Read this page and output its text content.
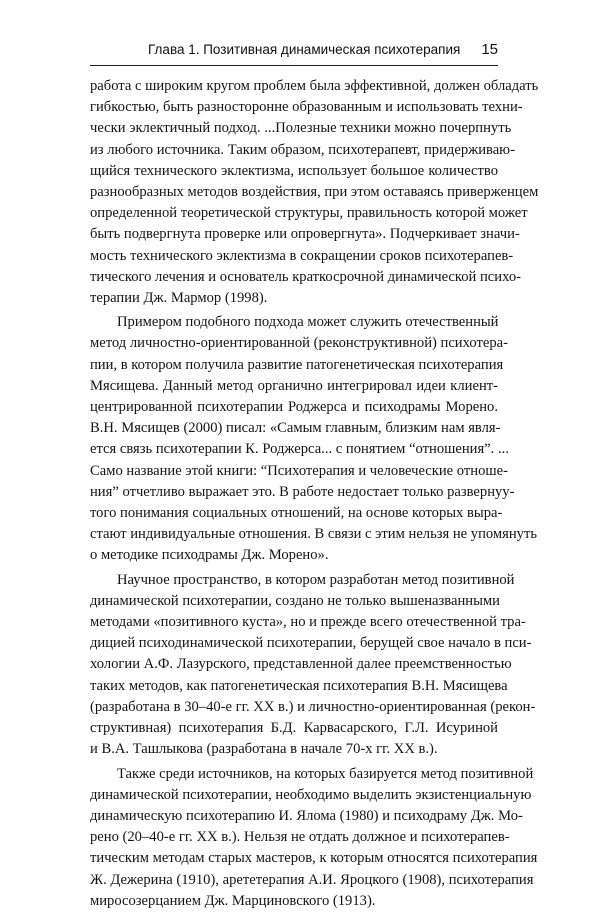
Глава 1. Позитивная динамическая психотерапия 15
работа с широким кругом проблем была эффективной, должен обладать
гибкостью, быть разносторонне образованным и использовать техни-
чески эклектичный подход. ...Полезные техники можно почерпнуть
из любого источника. Таким образом, психотерапевт, придерживаю-
щийся технического эклектизма, использует большое количество
разнообразных методов воздействия, при этом оставаясь приверженцем
определенной теоретической структуры, правильность которой может
быть подвергнута проверке или опровергнута». Подчеркивает значи-
мость технического эклектизма в сокращении сроков психотерапев-
тического лечения и основатель краткосрочной динамической психо-
терапии Дж. Мармор (1998).
Примером подобного подхода может служить отечественный
метод личностно-ориентированной (реконструктивной) психотера-
пии, в котором получила развитие патогенетическая психотерапия
Мясищева. Данный метод органично интегрировал идеи клиент-
центрированной психотерапии Роджерса и психодрамы Морено.
В.Н. Мясищев (2000) писал: «Самым главным, близким нам явля-
ется связь психотерапии К. Роджерса... с понятием “отношения”. ...
Само название этой книги: “Психотерапия и человеческие отноше-
ния” отчетливо выражает это. В работе недостает только развернуу-
того понимания социальных отношений, на основе которых выра-
стают индивидуальные отношения. В связи с этим нельзя не упомянуть
о методике психодрамы Дж. Морено».
Научное пространство, в котором разработан метод позитивной
динамической психотерапии, создано не только вышеназванными
методами «позитивного куста», но и прежде всего отечественной тра-
дицией психодинамической психотерапии, берущей свое начало в пси-
хологии А.Ф. Лазурского, представленной далее преемственностью
таких методов, как патогенетическая психотерапия В.Н. Мясищева
(разработана в 30–40-е гг. XX в.) и личностно-ориентированная (рекон-
структивная) психотерапия Б.Д. Карвасарского, Г.Л. Исуриной
и В.А. Ташлыкова (разработана в начале 70-х гг. XX в.).
Также среди источников, на которых базируется метод позитивной
динамической психотерапии, необходимо выделить экзистенциальную
динамическую психотерапию И. Ялома (1980) и психодраму Дж. Мо-
рено (20–40-е гг. XX в.). Нельзя не отдать должное и психотерапев-
тическим методам старых мастеров, к которым относятся психотерапия
Ж. Дежерина (1910), арететерапия А.И. Яроцкого (1908), психотерапия
миросозерцанием Дж. Марциновского (1913).
